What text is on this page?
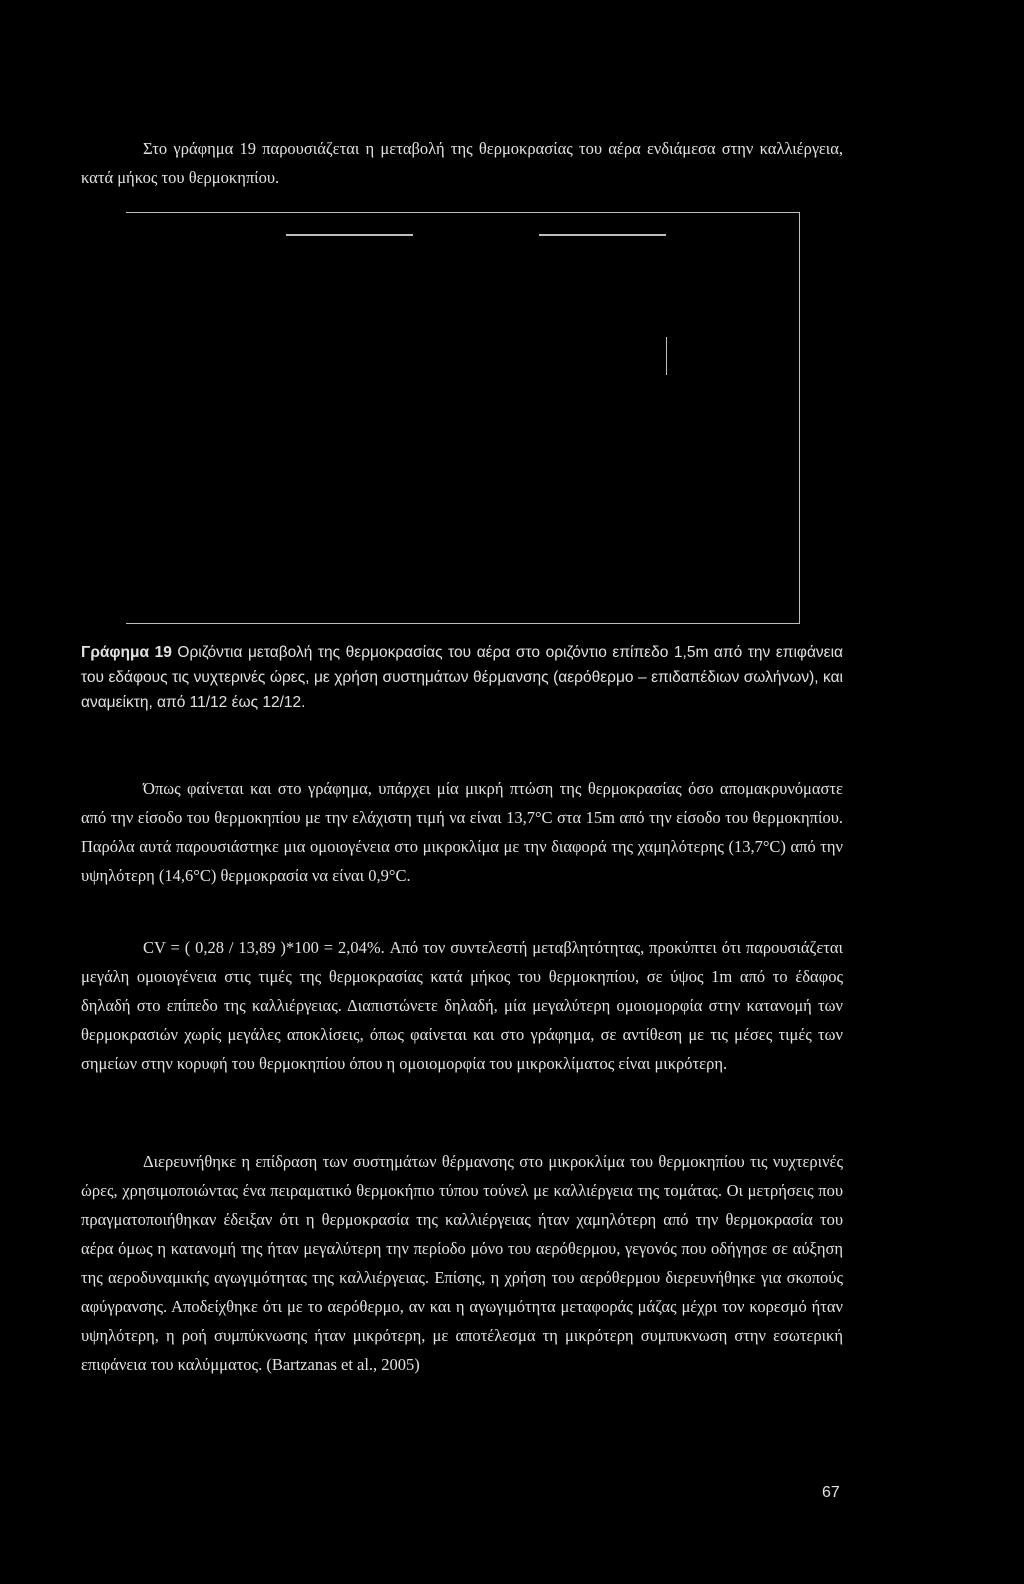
Στο γράφημα 19 παρουσιάζεται η μεταβολή της θερμοκρασίας του αέρα ενδιάμεσα στην καλλιέργεια, κατά μήκος του θερμοκηπίου.

Γράφημα 19 Οριζόντια μεταβολή της θερμοκρασίας του αέρα στο οριζόντιο επίπεδο 1,5m από την επιφάνεια του εδάφους τις νυχτερινές ώρες, με χρήση συστημάτων θέρμανσης (αερόθερμο – επιδαπέδιων σωλήνων), και αναμείκτη, από 11/12 έως 12/12.

Όπως φαίνεται και στο γράφημα, υπάρχει μία μικρή πτώση της θερμοκρασίας όσο απομακρυνόμαστε από την είσοδο του θερμοκηπίου με την ελάχιστη τιμή να είναι 13,7°C στα 15m από την είσοδο του θερμοκηπίου. Παρόλα αυτά παρουσιάστηκε μια ομοιογένεια στο μικροκλίμα με την διαφορά της χαμηλότερης (13,7°C) από την υψηλότερη (14,6°C) θερμοκρασία να είναι 0,9°C.

CV = ( 0,28 / 13,89 )*100 = 2,04%. Από τον συντελεστή μεταβλητότητας, προκύπτει ότι παρουσιάζεται μεγάλη ομοιογένεια στις τιμές της θερμοκρασίας κατά μήκος του θερμοκηπίου, σε ύψος 1m από το έδαφος δηλαδή στο επίπεδο της καλλιέργειας. Διαπιστώνετε δηλαδή, μία μεγαλύτερη ομοιομορφία στην κατανομή των θερμοκρασιών χωρίς μεγάλες αποκλίσεις, όπως φαίνεται και στο γράφημα, σε αντίθεση με τις μέσες τιμές των σημείων στην κορυφή του θερμοκηπίου όπου η ομοιομορφία του μικροκλίματος είναι μικρότερη.

Διερευνήθηκε η επίδραση των συστημάτων θέρμανσης στο μικροκλίμα του θερμοκηπίου τις νυχτερινές ώρες, χρησιμοποιώντας ένα πειραματικό θερμοκήπιο τύπου τούνελ με καλλιέργεια της τομάτας. Οι μετρήσεις που πραγματοποιήθηκαν έδειξαν ότι η θερμοκρασία της καλλιέργειας ήταν χαμηλότερη από την θερμοκρασία του αέρα όμως η κατανομή της ήταν μεγαλύτερη την περίοδο μόνο του αερόθερμου, γεγονός που οδήγησε σε αύξηση της αεροδυναμικής αγωγιμότητας της καλλιέργειας. Επίσης, η χρήση του αερόθερμου διερευνήθηκε για σκοπούς αφύγρανσης. Αποδείχθηκε ότι με το αερόθερμο, αν και η αγωγιμότητα μεταφοράς μάζας μέχρι τον κορεσμό ήταν υψηλότερη, η ροή συμπύκνωσης ήταν μικρότερη, με αποτέλεσμα τη μικρότερη συμπυκνωση στην εσωτερική επιφάνεια του καλύμματος. (Bartzanas et al., 2005)

67
